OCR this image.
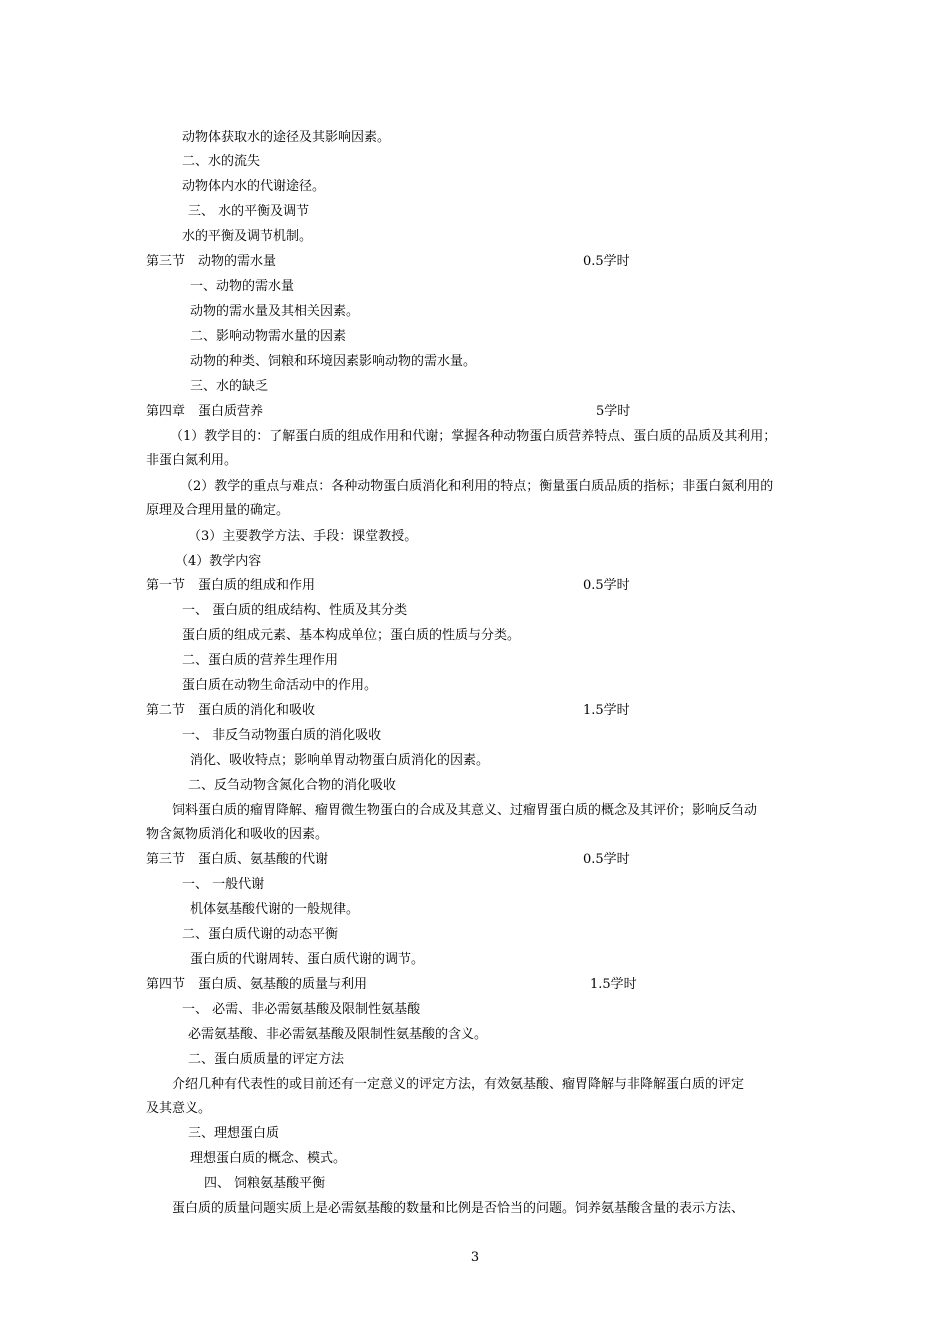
动物体获取水的途径及其影响因素。
二、水的流失
动物体内水的代谢途径。
三、 水的平衡及调节
水的平衡及调节机制。
第三节　动物的需水量	0.5学时
一、动物的需水量
动物的需水量及其相关因素。
二、影响动物需水量的因素
动物的种类、饲粮和环境因素影响动物的需水量。
三、水的缺乏
第四章　蛋白质营养	5学时
（1）教学目的：了解蛋白质的组成作用和代谢；掌握各种动物蛋白质营养特点、蛋白质的品质及其利用；
非蛋白氮利用。
（2）教学的重点与难点：各种动物蛋白质消化和利用的特点；衡量蛋白质品质的指标；非蛋白氮利用的
原理及合理用量的确定。
（3）主要教学方法、手段：课堂教授。
（4）教学内容
第一节　蛋白质的组成和作用	0.5学时
一、 蛋白质的组成结构、性质及其分类
蛋白质的组成元素、基本构成单位；蛋白质的性质与分类。
二、蛋白质的营养生理作用
蛋白质在动物生命活动中的作用。
第二节　蛋白质的消化和吸收	1.5学时
一、 非反刍动物蛋白质的消化吸收
消化、吸收特点；影响单胃动物蛋白质消化的因素。
二、反刍动物含氮化合物的消化吸收
饲料蛋白质的瘤胃降解、瘤胃微生物蛋白的合成及其意义、过瘤胃蛋白质的概念及其评价；影响反刍动
物含氮物质消化和吸收的因素。
第三节　蛋白质、氨基酸的代谢	0.5学时
一、 一般代谢
机体氨基酸代谢的一般规律。
二、蛋白质代谢的动态平衡
蛋白质的代谢周转、蛋白质代谢的调节。
第四节　蛋白质、氨基酸的质量与利用	1.5学时
一、 必需、非必需氨基酸及限制性氨基酸
必需氨基酸、非必需氨基酸及限制性氨基酸的含义。
二、蛋白质质量的评定方法
介绍几种有代表性的或目前还有一定意义的评定方法，有效氨基酸、瘤胃降解与非降解蛋白质的评定
及其意义。
三、理想蛋白质
理想蛋白质的概念、模式。
四、 饲粮氨基酸平衡
蛋白质的质量问题实质上是必需氨基酸的数量和比例是否恰当的问题。饲养氨基酸含量的表示方法、
3
